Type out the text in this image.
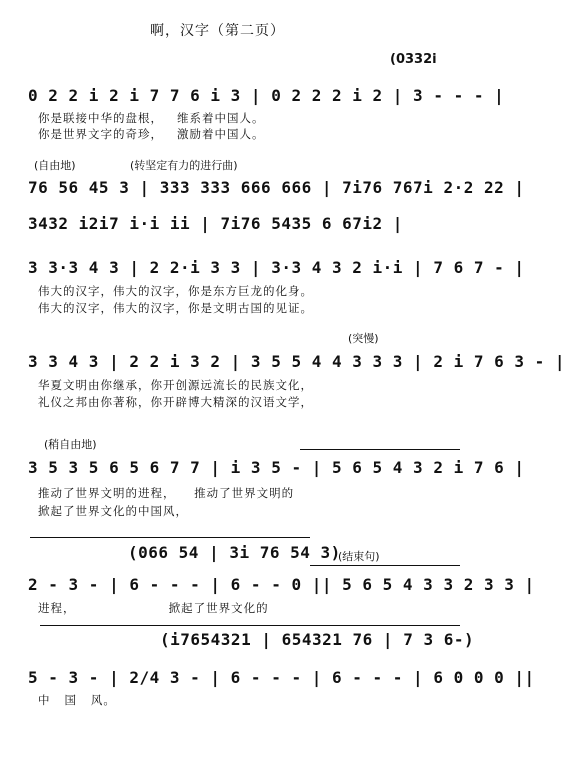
啊，汉字（第二页）
(0332i
0 2 2 i 2 i 7 7 6 i 3 | 0 2 2 2 i 2 | 3 - - - |
你是联接中华的盘根，   维系着中国人。
你是世界文字的奇珍，   激励着中国人。
(自由地)	(转坚定有力的进行曲)
76 56 45 3 | 333 333 666 666 | 7i76 767i 2·2 22 |
3432 i2i7 i·i ii | 7i76 5435 6 67i2 |
3 3·3 4 3 | 2 2·i 3 3 | 3·3 4 3 2 i·i | 7 6 7 - |
伟大的汉字，伟大的汉字，你是东方巨龙的化身。
伟大的汉字，伟大的汉字，你是文明古国的见证。
(突慢)
3 3 4 3 | 2 2 i 3 2 | 3 5 5 4 4 3 3 3 | 2 i 7 6 3 - |
华夏文明由你继承，你开创源远流长的民族文化，
礼仪之邦由你著称，你开辟博大精深的汉语文学，
(稍自由地)
3 5 3 5 6 5 6 7 7 | i 3 5 - | 5 6 5 4 3 2 i 7 6 |
推动了世界文明的进程，    推动了世界文明的
掀起了世界文化的中国风，
(066 54 | 3i 76 54 3)
(结束句)
2 - 3 - | 6 - - - | 6 - - 0 || 5 6 5 4 3 3 2 3 3 |
进程，                    掀起了世界文化的
(i7654321 | 654321 76 | 7 3 6-)
5 - 3 - | 2/4 3 - | 6 - - - | 6 - - - | 6 0 0 0 ||
中   国   风。
